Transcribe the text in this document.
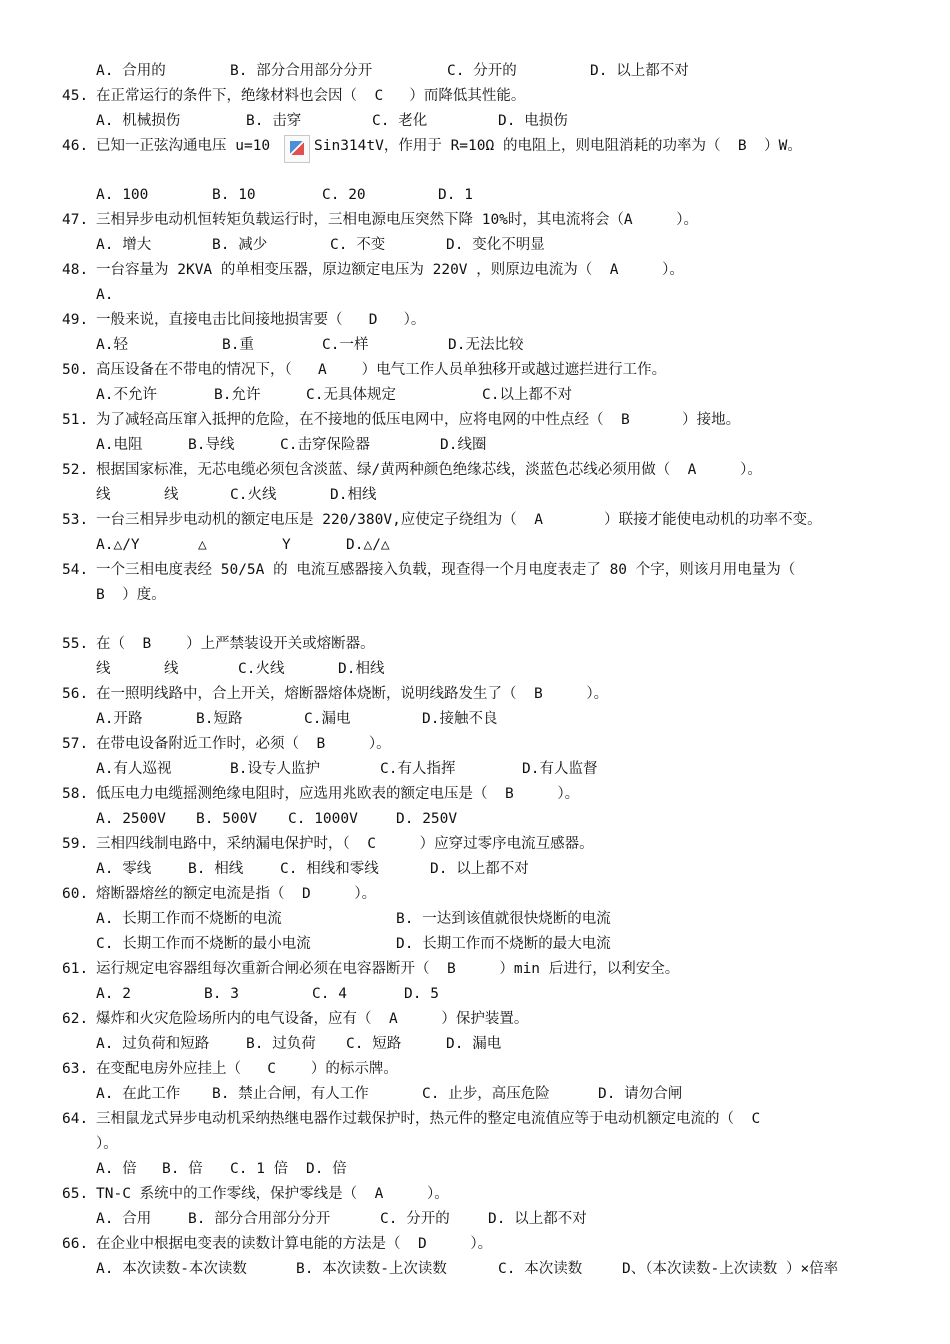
A. 合用的	B. 部分合用部分分开	C. 分开的	D. 以上都不对
45. 在正常运行的条件下，绝缘材料也会因（  C   ）而降低其性能。
A. 机械损伤	B. 击穿	C. 老化	D. 电损伤
46. 已知一正弦沟通电压 u=10	Sin314tV，作用于 R=10Ω 的电阻上，则电阻消耗的功率为（  B  ）W。
A. 100	B. 10	C. 20	D. 1
47. 三相异步电动机恒转矩负载运行时，三相电源电压突然下降 10%时，其电流将会（A     ）。
A. 增大	B. 减少	C. 不变	D. 变化不明显
48. 一台容量为 2KVA 的单相变压器，原边额定电压为 220V ，则原边电流为（  A     ）。
A.
49. 一般来说，直接电击比间接地损害要（   D   ）。
A.轻	B.重	C.一样	D.无法比较
50. 高压设备在不带电的情况下，（   A    ）电气工作人员单独移开或越过遮拦进行工作。
A.不允许	B.允许	C.无具体规定	C.以上都不对
51. 为了减轻高压窜入抵押的危险，在不接地的低压电网中，应将电网的中性点经（  B      ）接地。
A.电阻	B.导线	C.击穿保险器	D.线圈
52. 根据国家标准，无芯电缆必须包含淡蓝、绿/黄两种颜色绝缘芯线，淡蓝色芯线必须用做（  A     ）。
线	线	C.火线	D.相线
53. 一台三相异步电动机的额定电压是 220/380V,应使定子绕组为（  A       ）联接才能使电动机的功率不变。
A.△/Y	△	Y	D.△/△
54. 一个三相电度表经 50/5A 的 电流互感器接入负载，现查得一个月电度表走了 80 个字，则该月用电量为（
B  ）度。
55. 在（  B    ）上严禁装设开关或熔断器。
线	线	C.火线	D.相线
56. 在一照明线路中，合上开关，熔断器熔体烧断，说明线路发生了（  B     ）。
A.开路	B.短路	C.漏电	D.接触不良
57. 在带电设备附近工作时，必须（  B     ）。
A.有人巡视	B.设专人监护	C.有人指挥	D.有人监督
58. 低压电力电缆摇测绝缘电阻时，应选用兆欧表的额定电压是（  B     ）。
A. 2500V B. 500V C. 1000V	D. 250V
59. 三相四线制电路中，采纳漏电保护时，（  C     ）应穿过零序电流互感器。
A. 零线	B. 相线	C. 相线和零线	D. 以上都不对
60. 熔断器熔丝的额定电流是指（  D     ）。
A. 长期工作而不烧断的电流	B. 一达到该值就很快烧断的电流
C. 长期工作而不烧断的最小电流	D. 长期工作而不烧断的最大电流
61. 运行规定电容器组每次重新合闸必须在电容器断开（  B     ）min 后进行，以利安全。
A. 2	B. 3	C. 4	D. 5
62. 爆炸和火灾危险场所内的电气设备，应有（  A     ）保护装置。
A. 过负荷和短路	B. 过负荷 C. 短路	D. 漏电
63. 在变配电房外应挂上（   C    ）的标示牌。
A. 在此工作 B. 禁止合闸，有人工作	C. 止步，高压危险	D. 请勿合闸
64. 三相鼠龙式异步电动机采纳热继电器作过载保护时，热元件的整定电流值应等于电动机额定电流的（  C
）。
A. 倍 B. 倍 C. 1 倍 D. 倍
65. TN-C 系统中的工作零线，保护零线是（  A     ）。
A. 合用	B. 部分合用部分分开	C. 分开的	D. 以上都不对
66. 在企业中根据电变表的读数计算电能的方法是（  D     ）。
A. 本次读数-本次读数	B. 本次读数-上次读数	C. 本次读数	D、（本次读数-上次读数 ）×倍率
